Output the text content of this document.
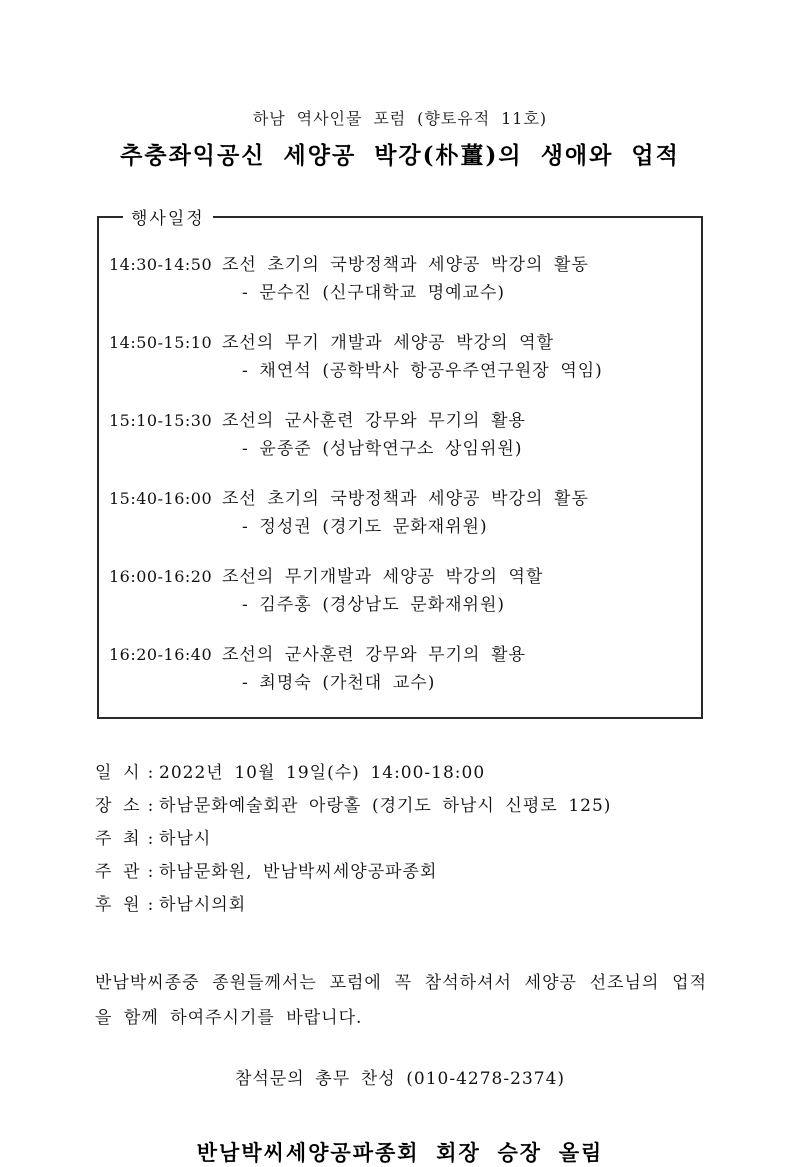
하남 역사인물 포럼 (향토유적 11호)
추충좌익공신 세양공 박강(朴薑)의 생애와 업적
행사일정
14:30-14:50 조선 초기의 국방정책과 세양공 박강의 활동
- 문수진 (신구대학교 명예교수)
14:50-15:10 조선의 무기 개발과 세양공 박강의 역할
- 채연석 (공학박사 항공우주연구원장 역임)
15:10-15:30 조선의 군사훈련 강무와 무기의 활용
- 윤종준 (성남학연구소 상임위원)
15:40-16:00 조선 초기의 국방정책과 세양공 박강의 활동
- 정성권 (경기도 문화재위원)
16:00-16:20 조선의 무기개발과 세양공 박강의 역할
- 김주홍 (경상남도 문화재위원)
16:20-16:40 조선의 군사훈련 강무와 무기의 활용
- 최명숙 (가천대 교수)
일 시 : 2022년 10월 19일(수) 14:00-18:00
장 소 : 하남문화예술회관 아랑홀 (경기도 하남시 신평로 125)
주 최 : 하남시
주 관 : 하남문화원, 반남박씨세양공파종회
후 원 : 하남시의회

반남박씨종중 종원들께서는 포럼에 꼭 참석하셔서 세양공 선조님의 업적을 함께 하여주시기를 바랍니다.

참석문의 총무 찬성 (010-4278-2374)
반남박씨세양공파종회 회장 승장 올림
